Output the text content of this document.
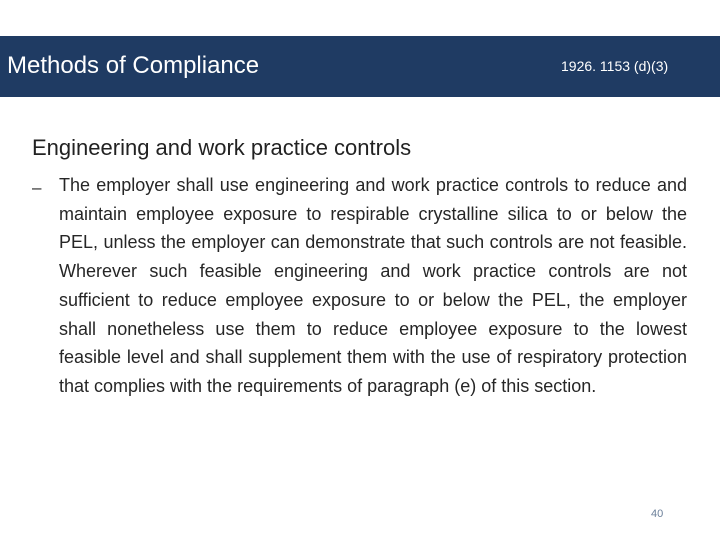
Methods of Compliance	1926. 1153 (d)(3)
Engineering and work practice controls
– The employer shall use engineering and work practice controls to reduce and maintain employee exposure to respirable crystalline silica to or below the PEL, unless the employer can demonstrate that such controls are not feasible. Wherever such feasible engineering and work practice controls are not sufficient to reduce employee exposure to or below the PEL, the employer shall nonetheless use them to reduce employee exposure to the lowest feasible level and shall supplement them with the use of respiratory protection that complies with the requirements of paragraph (e) of this section.

40
